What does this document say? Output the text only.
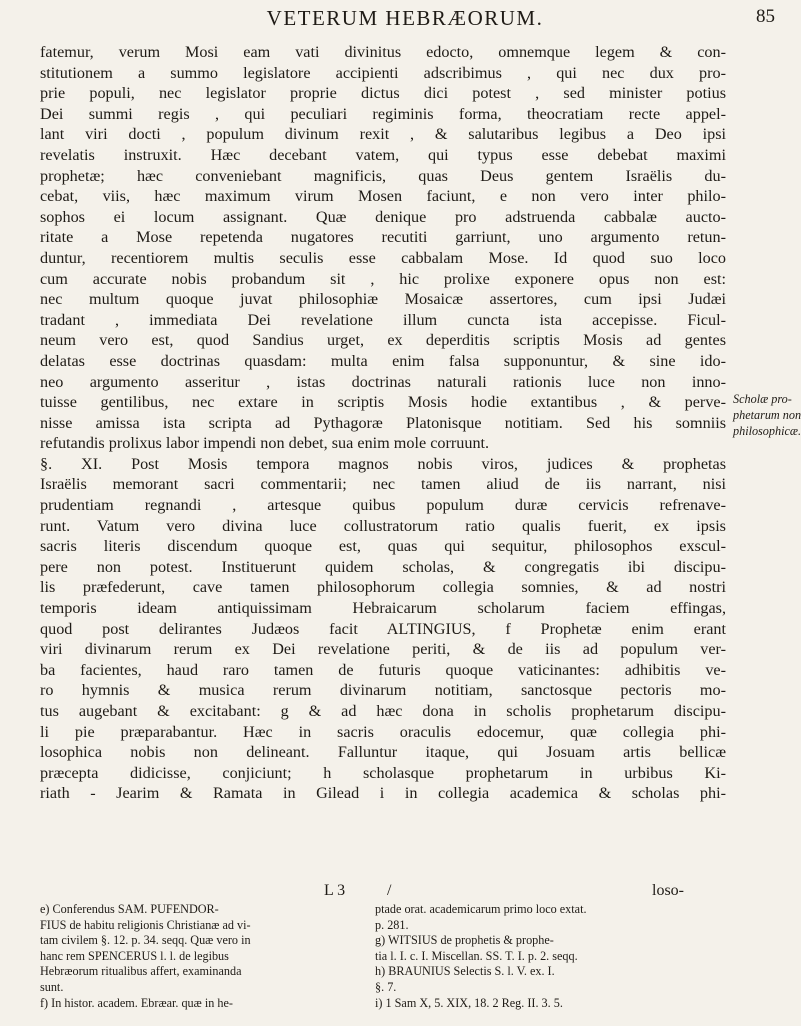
VETERUM HEBRÆORUM.	85
fatemur, verum Mosi eam vati divinitus edocto, omnemque legem & con-
stitutionem a summo legislatore accipienti adscribimus , qui nec dux pro-
prie populi, nec legislator proprie dictus dici potest , sed minister potius
Dei summi regis , qui peculiari regiminis forma, theocratiam recte appel-
lant viri docti , populum divinum rexit , & salutaribus legibus a Deo ipsi
revelatis instruxit. Hæc decebant vatem, qui typus esse debebat maximi
prophetæ; hæc conveniebant magnificis, quas Deus gentem Israëlis du-
cebat, viis, hæc maximum virum Mosen faciunt, e non vero inter philo-
sophos ei locum assignant. Quæ denique pro adstruenda cabbalæ aucto-
ritate a Mose repetenda nugatores recutiti garriunt, uno argumento retun-
duntur, recentiorem multis seculis esse cabbalam Mose. Id quod suo loco
cum accurate nobis probandum sit , hic prolixe exponere opus non est:
nec multum quoque juvat philosophiæ Mosaicæ assertores, cum ipsi Judæi
tradant , immediata Dei revelatione illum cuncta ista accepisse. Ficul-
neum vero est, quod Sandius urget, ex deperditis scriptis Mosis ad gentes
delatas esse doctrinas quasdam: multa enim falsa supponuntur, & sine ido-
neo argumento asseritur , istas doctrinas naturali rationis luce non inno-
tuisse gentilibus, nec extare in scriptis Mosis hodie extantibus , & perve-
nisse amissa ista scripta ad Pythagoræ Platonisque notitiam. Sed his somniis
refutandis prolixus labor impendi non debet, sua enim mole corruunt.
§. XI. Post Mosis tempora magnos nobis viros, judices & prophetas
Israëlis memorant sacri commentarii; nec tamen aliud de iis narrant, nisi
prudentiam regnandi , artesque quibus populum duræ cervicis refrenave-
runt. Vatum vero divina luce collustratorum ratio qualis fuerit, ex ipsis
sacris literis discendum quoque est, quas qui sequitur, philosophos exscul-
pere non potest. Instituerunt quidem scholas, & congregatis ibi discipu-
lis præfederunt, cave tamen philosophorum collegia somnies, & ad nostri
temporis ideam antiquissimam Hebraicarum scholarum faciem effingas,
quod post delirantes Judæos facit ALTINGIUS, f Prophetæ enim erant
viri divinarum rerum ex Dei revelatione periti, & de iis ad populum ver-
ba facientes, haud raro tamen de futuris quoque vaticinantes: adhibitis ve-
ro hymnis & musica rerum divinarum notitiam, sanctosque pectoris mo-
tus augebant & excitabant: g & ad hæc dona in scholis prophetarum discipu-
li pie præparabantur. Hæc in sacris oraculis edocemur, quæ collegia phi-
losophica nobis non delineant. Falluntur itaque, qui Josuam artis bellicæ
præcepta didicisse, conjiciunt; h scholasque prophetarum in urbibus Ki-
riath - Jearim & Ramata in Gilead i in collegia academica & scholas phi-
Scholæ pro-
phetarum non
philosophicæ.
L 3	/	loso-
e) Conferendus SAM. PUFENDOR-
FIUS de habitu religionis Christianæ ad vi-
tam civilem §. 12. p. 34. seqq. Quæ vero in
hanc rem SPENCERUS l. l. de legibus
Hebræorum ritualibus affert, examinanda
sunt.
f) In histor. academ. Ebræar. quæ in he-
ptade orat. academicarum primo loco extat.
p. 281.
g) WITSIUS de prophetis & prophe-
tia l. I. c. I. Miscellan. SS. T. I. p. 2. seqq.
h) BRAUNIUS Selectis S. l. V. ex. I.
§. 7.
i) 1 Sam X, 5. XIX, 18. 2 Reg. II. 3. 5.
